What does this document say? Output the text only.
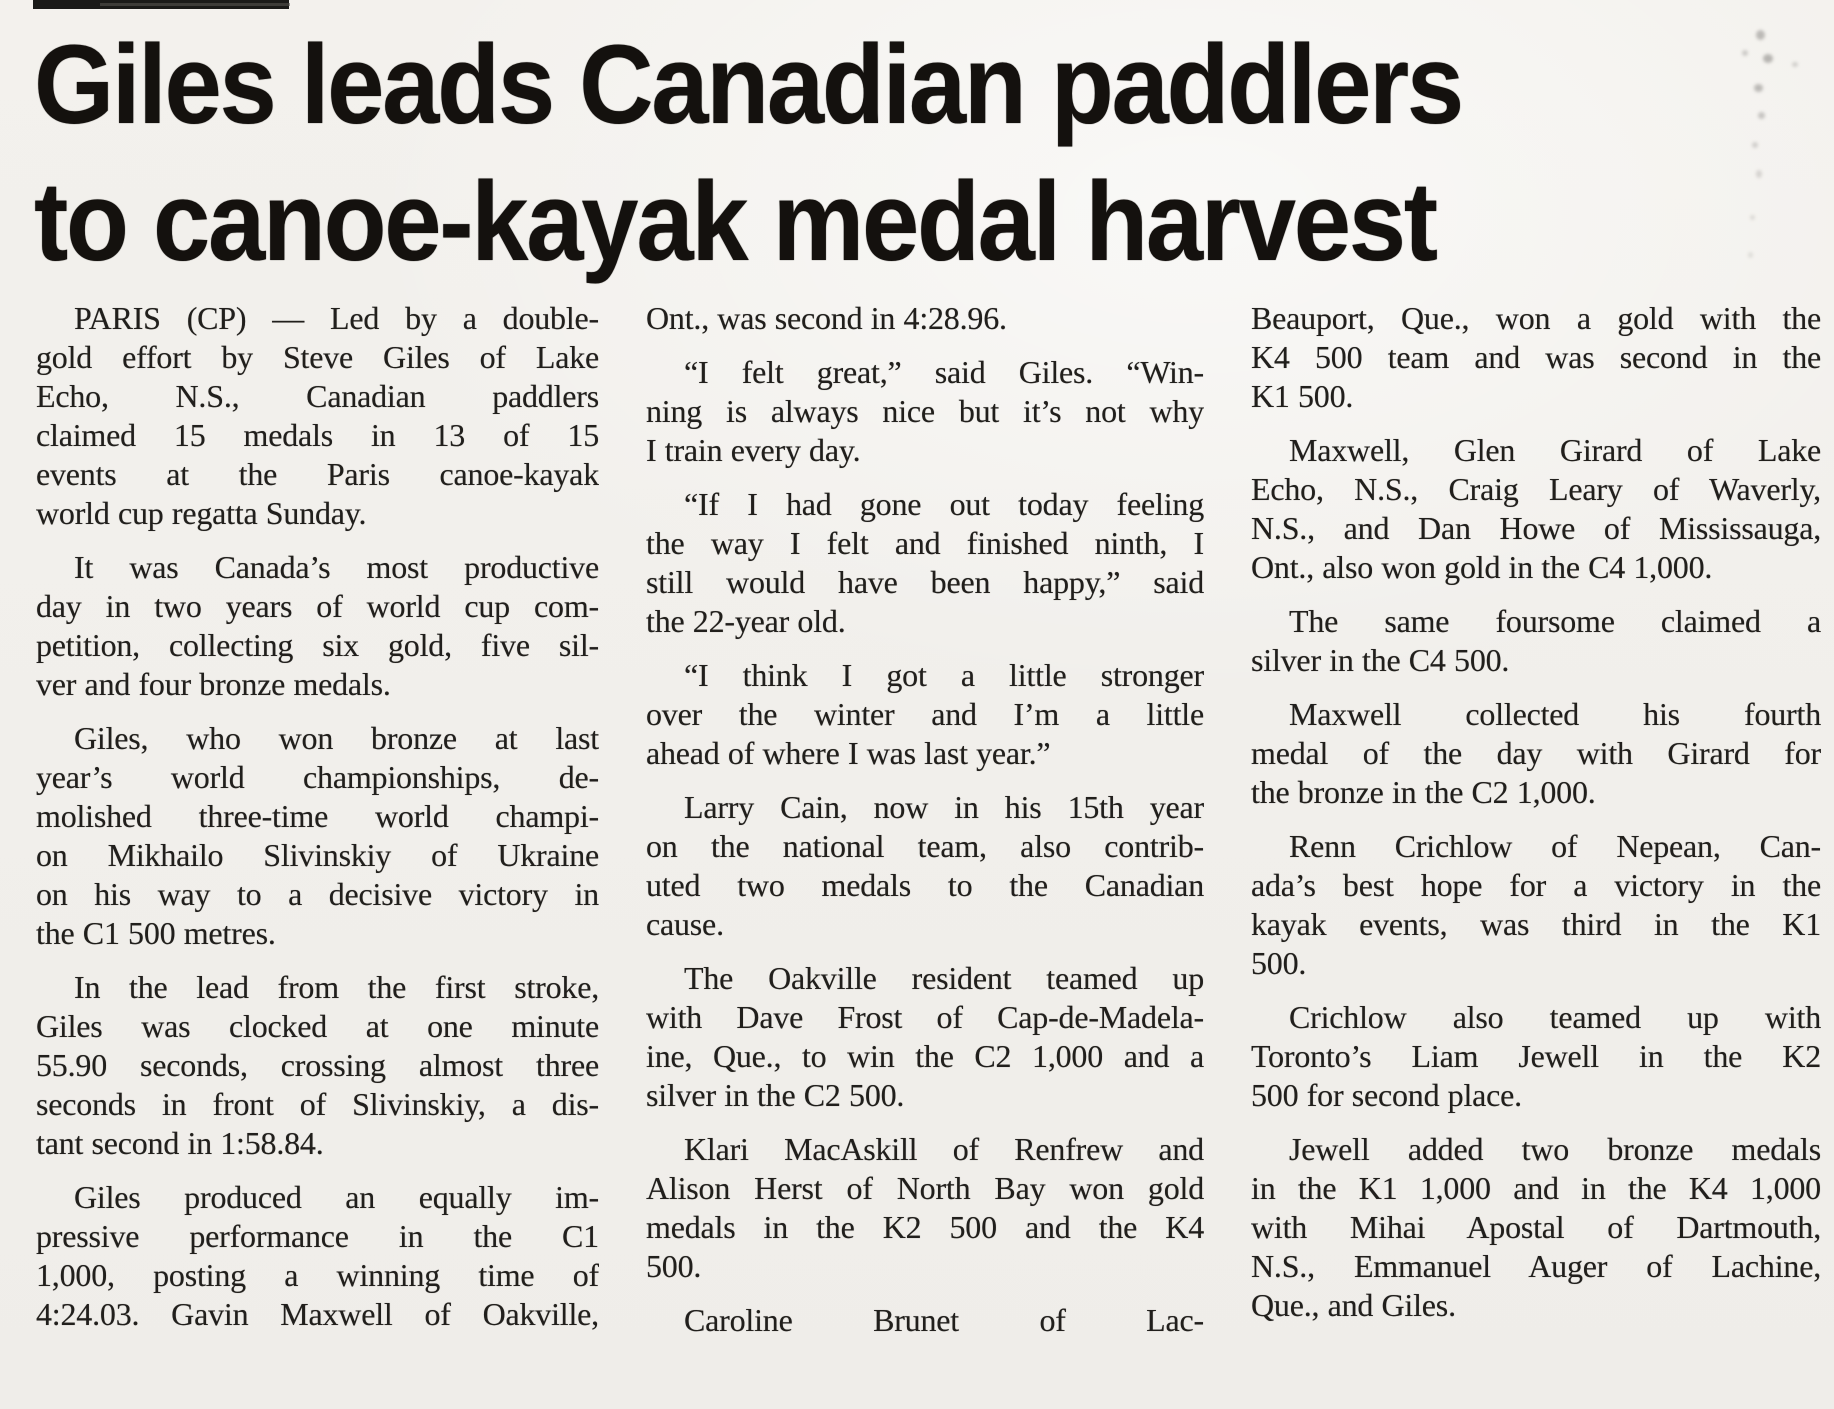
Giles leads Canadian paddlers
to canoe-kayak medal harvest

PARIS (CP) — Led by a double-
gold effort by Steve Giles of Lake
Echo, N.S., Canadian paddlers
claimed 15 medals in 13 of 15
events at the Paris canoe-kayak
world cup regatta Sunday.

It was Canada’s most productive
day in two years of world cup com-
petition, collecting six gold, five sil-
ver and four bronze medals.

Giles, who won bronze at last
year’s world championships, de-
molished three-time world champi-
on Mikhailo Slivinskiy of Ukraine
on his way to a decisive victory in
the C1 500 metres.

In the lead from the first stroke,
Giles was clocked at one minute
55.90 seconds, crossing almost three
seconds in front of Slivinskiy, a dis-
tant second in 1:58.84.

Giles produced an equally im-
pressive performance in the C1
1,000, posting a winning time of
4:24.03. Gavin Maxwell of Oakville,

Ont., was second in 4:28.96.

“I felt great,” said Giles. “Win-
ning is always nice but it’s not why
I train every day.

“If I had gone out today feeling
the way I felt and finished ninth, I
still would have been happy,” said
the 22-year old.

“I think I got a little stronger
over the winter and I’m a little
ahead of where I was last year.”

Larry Cain, now in his 15th year
on the national team, also contrib-
uted two medals to the Canadian
cause.

The Oakville resident teamed up
with Dave Frost of Cap-de-Madela-
ine, Que., to win the C2 1,000 and a
silver in the C2 500.

Klari MacAskill of Renfrew and
Alison Herst of North Bay won gold
medals in the K2 500 and the K4
500.

Caroline Brunet of Lac-

Beauport, Que., won a gold with the
K4 500 team and was second in the
K1 500.

Maxwell, Glen Girard of Lake
Echo, N.S., Craig Leary of Waverly,
N.S., and Dan Howe of Mississauga,
Ont., also won gold in the C4 1,000.

The same foursome claimed a
silver in the C4 500.

Maxwell collected his fourth
medal of the day with Girard for
the bronze in the C2 1,000.

Renn Crichlow of Nepean, Can-
ada’s best hope for a victory in the
kayak events, was third in the K1
500.

Crichlow also teamed up with
Toronto’s Liam Jewell in the K2
500 for second place.

Jewell added two bronze medals
in the K1 1,000 and in the K4 1,000
with Mihai Apostal of Dartmouth,
N.S., Emmanuel Auger of Lachine,
Que., and Giles.
